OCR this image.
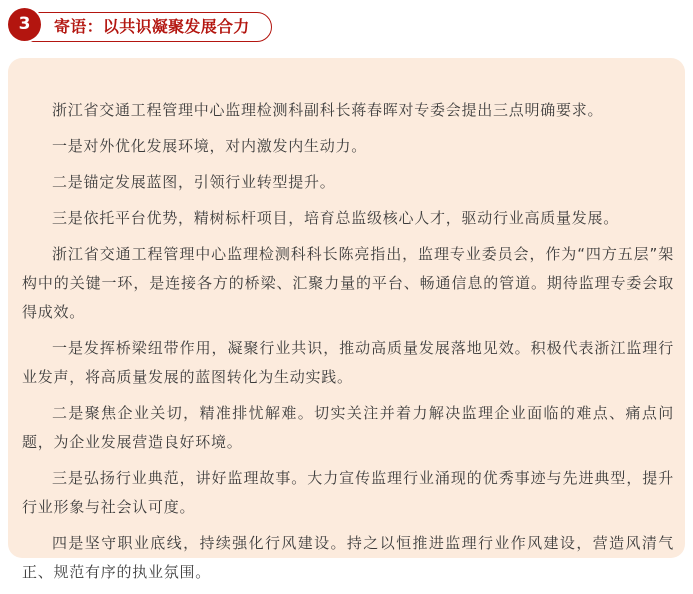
3	寄语：以共识凝聚发展合力

浙江省交通工程管理中心监理检测科副科长蒋春晖对专委会提出三点明确要求。

一是对外优化发展环境，对内激发内生动力。

二是锚定发展蓝图，引领行业转型提升。

三是依托平台优势，精树标杆项目，培育总监级核心人才，驱动行业高质量发展。

浙江省交通工程管理中心监理检测科科长陈亮指出，监理专业委员会，作为“四方五层”架构中的关键一环，是连接各方的桥梁、汇聚力量的平台、畅通信息的管道。期待监理专委会取得成效。

一是发挥桥梁纽带作用，凝聚行业共识，推动高质量发展落地见效。积极代表浙江监理行业发声，将高质量发展的蓝图转化为生动实践。

二是聚焦企业关切，精准排忧解难。切实关注并着力解决监理企业面临的难点、痛点问题，为企业发展营造良好环境。

三是弘扬行业典范，讲好监理故事。大力宣传监理行业涌现的优秀事迹与先进典型，提升行业形象与社会认可度。

四是坚守职业底线，持续强化行风建设。持之以恒推进监理行业作风建设，营造风清气正、规范有序的执业氛围。
